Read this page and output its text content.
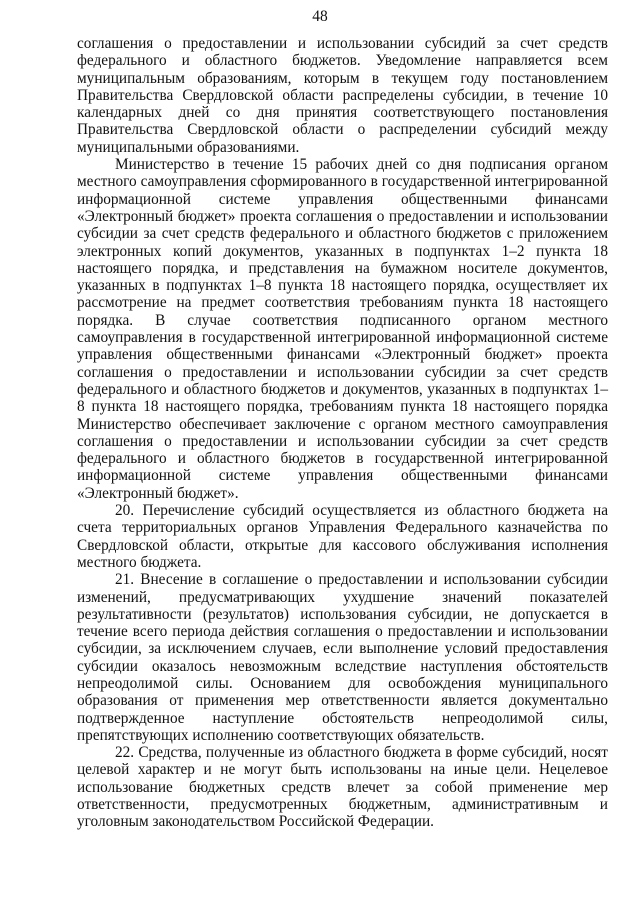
48

соглашения о предоставлении и использовании субсидий за счет средств федерального и областного бюджетов. Уведомление направляется всем муниципальным образованиям, которым в текущем году постановлением Правительства Свердловской области распределены субсидии, в течение 10 календарных дней со дня принятия соответствующего постановления Правительства Свердловской области о распределении субсидий между муниципальными образованиями.

Министерство в течение 15 рабочих дней со дня подписания органом местного самоуправления сформированного в государственной интегрированной информационной системе управления общественными финансами «Электронный бюджет» проекта соглашения о предоставлении и использовании субсидии за счет средств федерального и областного бюджетов с приложением электронных копий документов, указанных в подпунктах 1–2 пункта 18 настоящего порядка, и представления на бумажном носителе документов, указанных в подпунктах 1–8 пункта 18 настоящего порядка, осуществляет их рассмотрение на предмет соответствия требованиям пункта 18 настоящего порядка. В случае соответствия подписанного органом местного самоуправления в государственной интегрированной информационной системе управления общественными финансами «Электронный бюджет» проекта соглашения о предоставлении и использовании субсидии за счет средств федерального и областного бюджетов и документов, указанных в подпунктах 1–8 пункта 18 настоящего порядка, требованиям пункта 18 настоящего порядка Министерство обеспечивает заключение с органом местного самоуправления соглашения о предоставлении и использовании субсидии за счет средств федерального и областного бюджетов в государственной интегрированной информационной системе управления общественными финансами «Электронный бюджет».

20. Перечисление субсидий осуществляется из областного бюджета на счета территориальных органов Управления Федерального казначейства по Свердловской области, открытые для кассового обслуживания исполнения местного бюджета.

21. Внесение в соглашение о предоставлении и использовании субсидии изменений, предусматривающих ухудшение значений показателей результативности (результатов) использования субсидии, не допускается в течение всего периода действия соглашения о предоставлении и использовании субсидии, за исключением случаев, если выполнение условий предоставления субсидии оказалось невозможным вследствие наступления обстоятельств непреодолимой силы. Основанием для освобождения муниципального образования от применения мер ответственности является документально подтвержденное наступление обстоятельств непреодолимой силы, препятствующих исполнению соответствующих обязательств.

22. Средства, полученные из областного бюджета в форме субсидий, носят целевой характер и не могут быть использованы на иные цели. Нецелевое использование бюджетных средств влечет за собой применение мер ответственности, предусмотренных бюджетным, административным и уголовным законодательством Российской Федерации.
